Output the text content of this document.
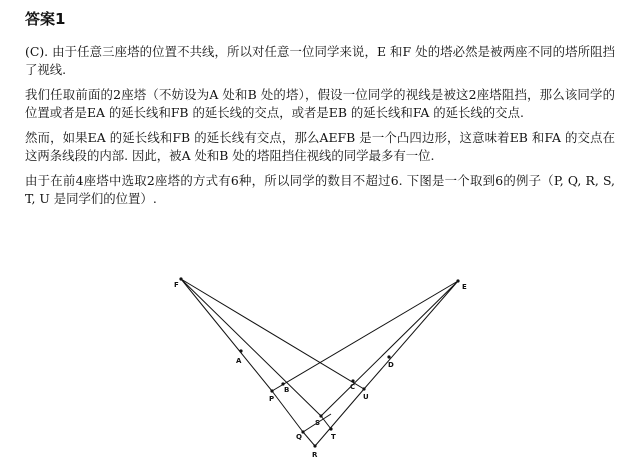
答案1

(C). 由于任意三座塔的位置不共线，所以对任意一位同学来说，E 和F 处的塔必然是被两座不同的塔所阻挡了视线.

我们任取前面的2座塔（不妨设为A 处和B 处的塔），假设一位同学的视线是被这2座塔阻挡，那么该同学的位置或者是EA 的延长线和FB 的延长线的交点，或者是EB 的延长线和FA 的延长线的交点.

然而，如果EA 的延长线和FB 的延长线有交点，那么AEFB 是一个凸四边形，这意味着EB 和FA 的交点在这两条线段的内部. 因此，被A 处和B 处的塔阻挡住视线的同学最多有一位.

由于在前4座塔中选取2座塔的方式有6种，所以同学的数目不超过6. 下图是一个取到6的例子（P, Q, R, S, T, U 是同学们的位置）.

F	E
A	D
B	C
P	U
S
Q	T
R
